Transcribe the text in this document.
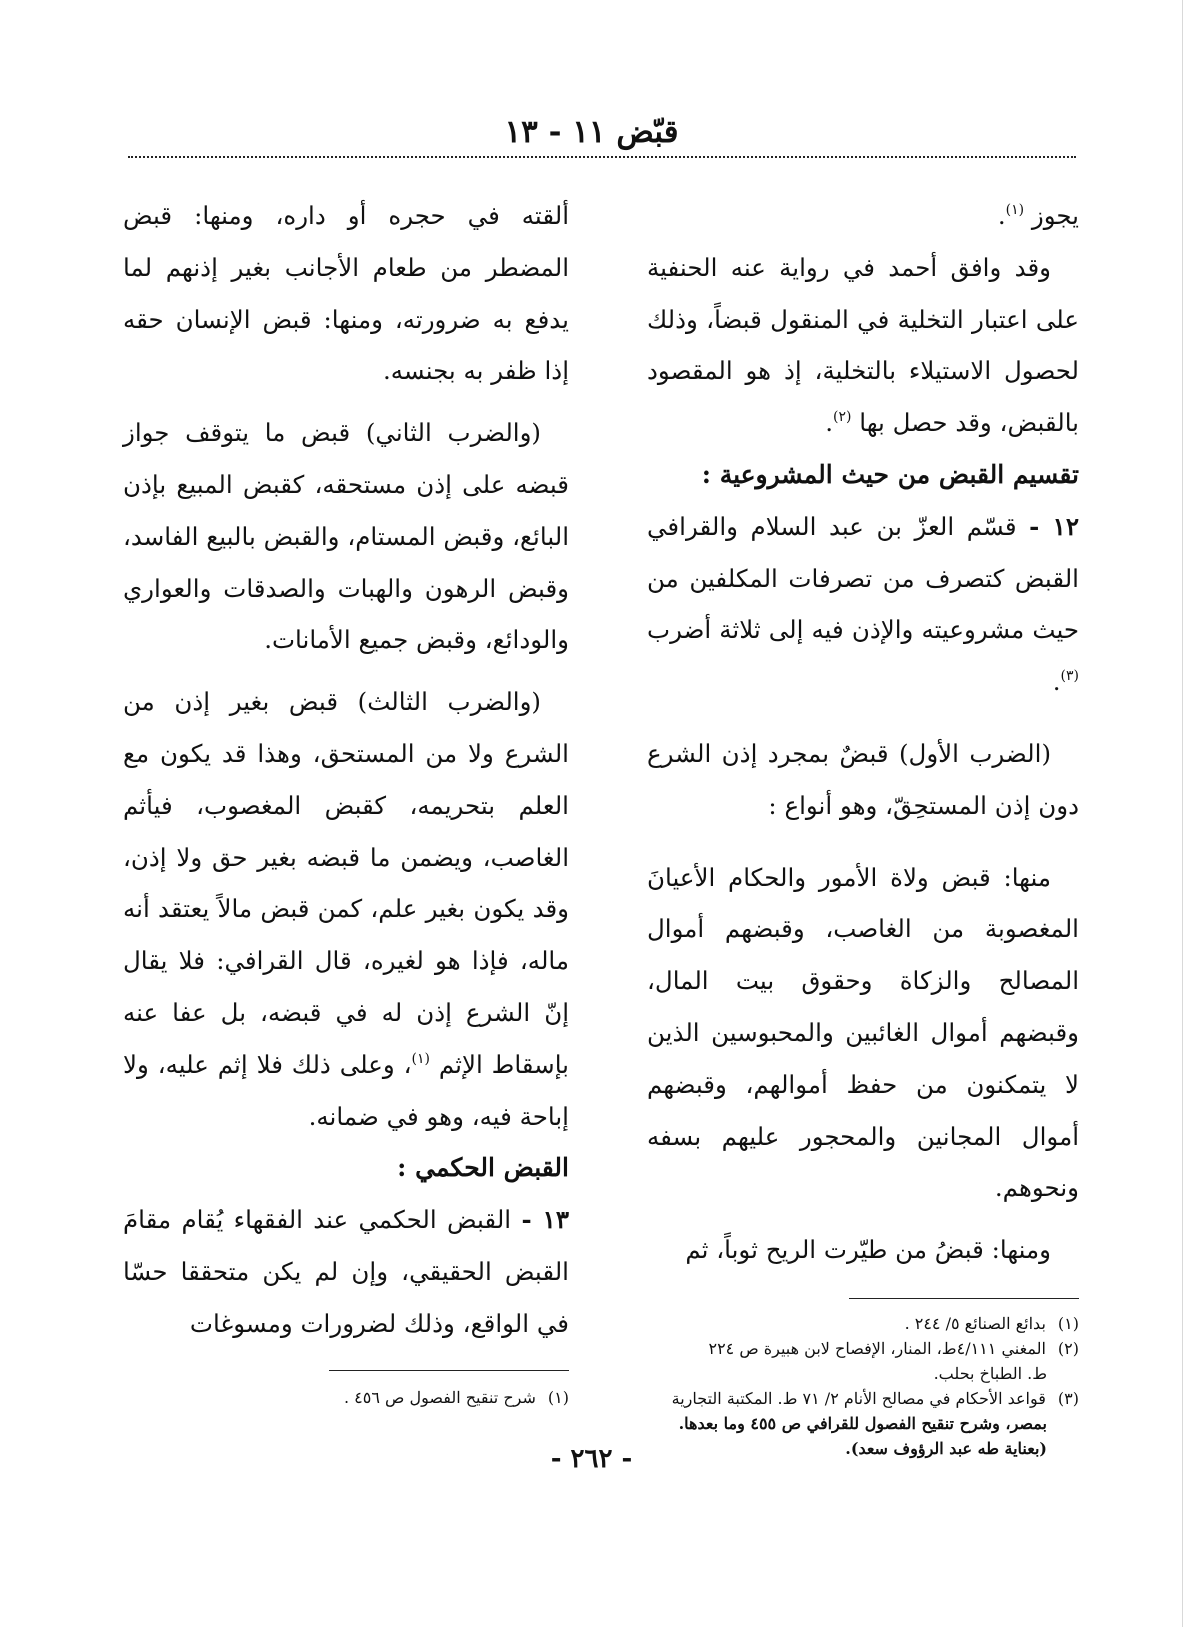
قبّض ١١ - ١٣

يجوز $^{(١)}$.

وقد وافق أحمد في رواية عنه الحنفية على اعتبار التخلية في المنقول قبضاً، وذلك لحصول الاستيلاء بالتخلية، إذ هو المقصود بالقبض، وقد حصل بها $^{(٢)}$.

تقسيم القبض من حيث المشروعية :

١٢ - قسّم العزّ بن عبد السلام والقرافي القبض كتصرف من تصرفات المكلفين من حيث مشروعيته والإذن فيه إلى ثلاثة أضرب $^{(٣)}$.

(الضرب الأول) قبضٌ بمجرد إذن الشرع دون إذن المستحِقّ، وهو أنواع :

منها: قبض ولاة الأمور والحكام الأعيانَ المغصوبة من الغاصب، وقبضهم أموال المصالح والزكاة وحقوق بيت المال، وقبضهم أموال الغائبين والمحبوسين الذين لا يتمكنون من حفظ أموالهم، وقبضهم أموال المجانين والمحجور عليهم بسفه ونحوهم.

ومنها: قبضُ من طيّرت الريح ثوباً، ثم

(١) بدائع الصنائع ٥/ ٢٤٤ .

(٢) المغني ٤/١١١ط، المنار، الإفصاح لابن هبيرة ص ٢٢٤

ط. الطباخ بحلب.

(٣) قواعد الأحكام في مصالح الأنام ٢/ ٧١ ط. المكتبة التجارية

بمصر، وشرح تنقيح الفصول للقرافي ص ٤٥٥ وما بعدها.

(بعناية طه عبد الرؤوف سعد).

ألقته في حجره أو داره، ومنها: قبض المضطر من طعام الأجانب بغير إذنهم لما يدفع به ضرورته، ومنها: قبض الإنسان حقه إذا ظفر به بجنسه.

(والضرب الثاني) قبض ما يتوقف جواز قبضه على إذن مستحقه، كقبض المبيع بإذن البائع، وقبض المستام، والقبض بالبيع الفاسد، وقبض الرهون والهبات والصدقات والعواري والودائع، وقبض جميع الأمانات.

(والضرب الثالث) قبض بغير إذن من الشرع ولا من المستحق، وهذا قد يكون مع العلم بتحريمه، كقبض المغصوب، فيأثم الغاصب، ويضمن ما قبضه بغير حق ولا إذن، وقد يكون بغير علم، كمن قبض مالاً يعتقد أنه ماله، فإذا هو لغيره، قال القرافي: فلا يقال إنّ الشرع إذن له في قبضه، بل عفا عنه بإسقاط الإثم $^{(١)}$، وعلى ذلك فلا إثم عليه، ولا إباحة فيه، وهو في ضمانه.

القبض الحكمي :

١٣ - القبض الحكمي عند الفقهاء يُقام مقامَ القبض الحقيقي، وإن لم يكن متحققا حسّا في الواقع، وذلك لضرورات ومسوغات

(١) شرح تنقيح الفصول ص ٤٥٦ .

- ٢٦٢ -
